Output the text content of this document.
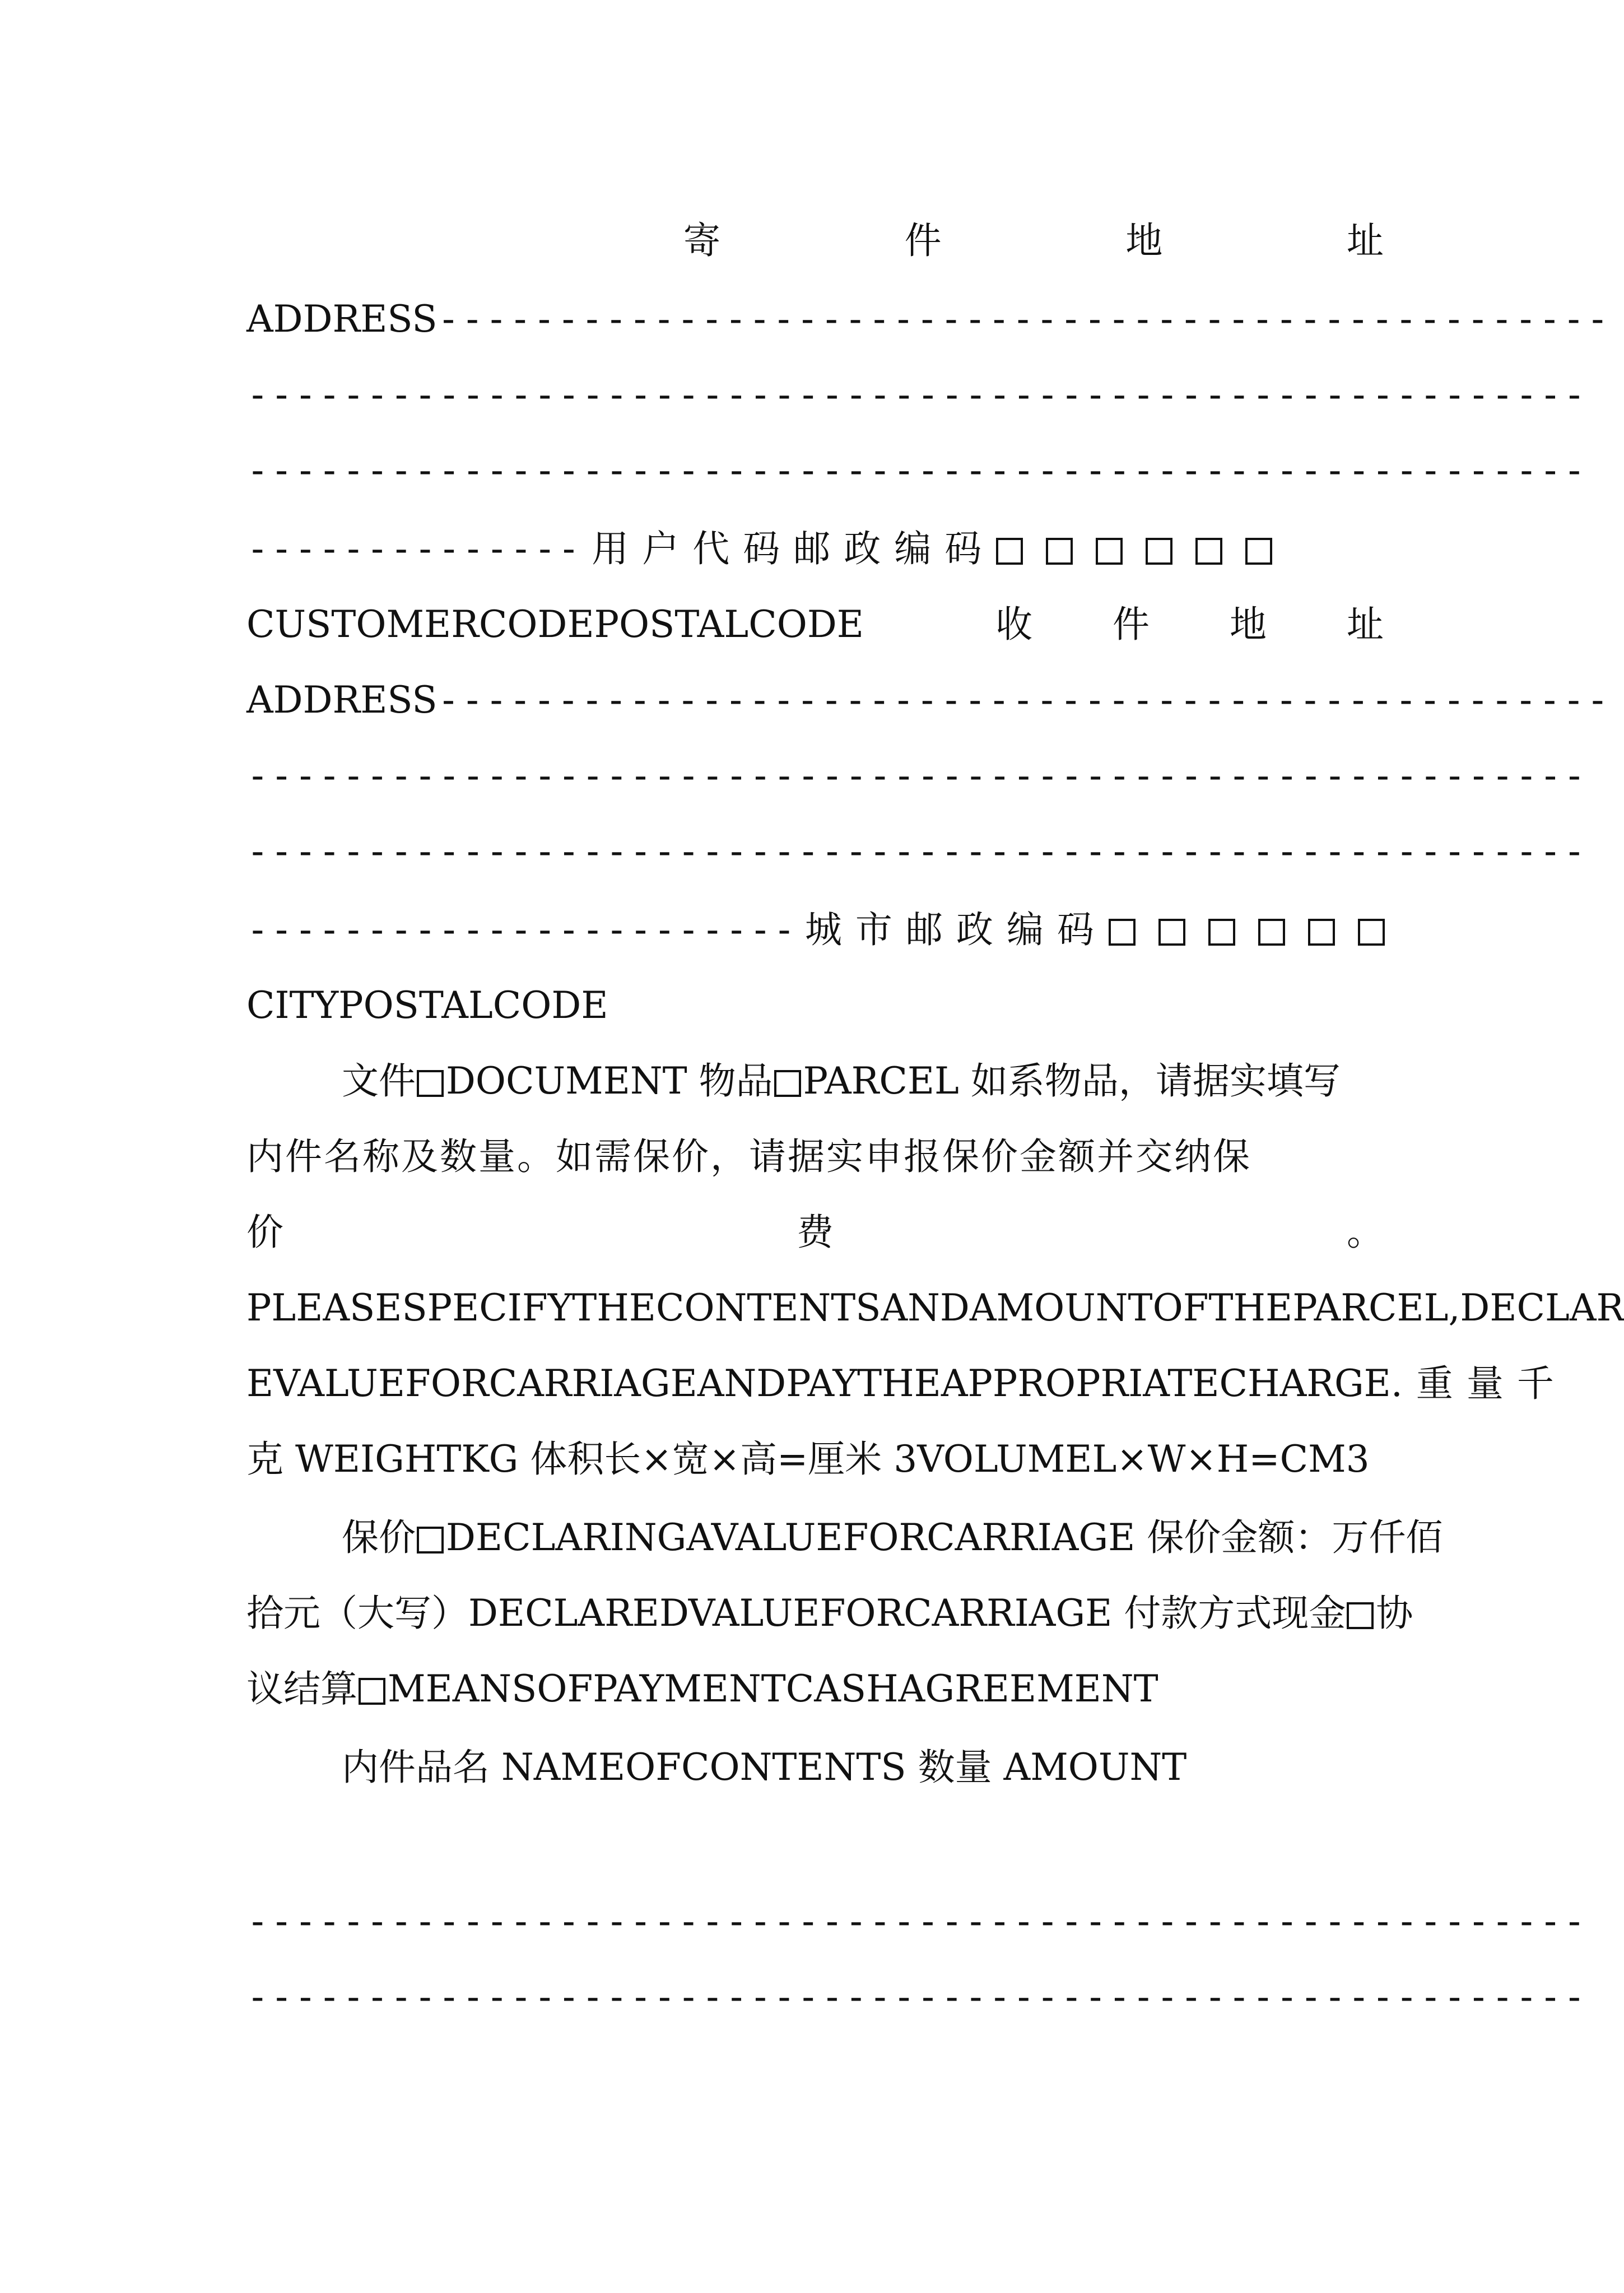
寄	件	地	址
ADDRESS -------------------------------------------------
--------------------------------------------------------
--------------------------------------------------------
-------------- 用户代码邮政编码

CUSTOMERCODEPOSTALCODE	收 件 地 址
ADDRESS -------------------------------------------------
--------------------------------------------------------
--------------------------------------------------------
----------------------- 城市邮政编码

CITYPOSTALCODE
文件 DOCUMENT 物品 PARCEL 如系物品，请据实填写
内件名称及数量。如需保价，请据实申报保价金额并交纳保
价	费	。
PLEASESPECIFYTHECONTENTSANDAMOUNTOFTHEPARCEL,DECLAR
EVALUEFORCARRIAGEANDPAYTHEAPPROPRIATECHARGE. 重量千
克 WEIGHTKG 体积长×宽×高=厘米 3VOLUMEL×W×H=CM3
保价 DECLARINGAVALUEFORCARRIAGE 保价金额：万仟佰
拾元（大写）DECLAREDVALUEFORCARRIAGE 付款方式现金 协
议结算 MEANSOFPAYMENTCASHAGREEMENT
内件品名 NAMEOFCONTENTS 数量 AMOUNT
--------------------------------------------------------
--------------------------------------------------------
